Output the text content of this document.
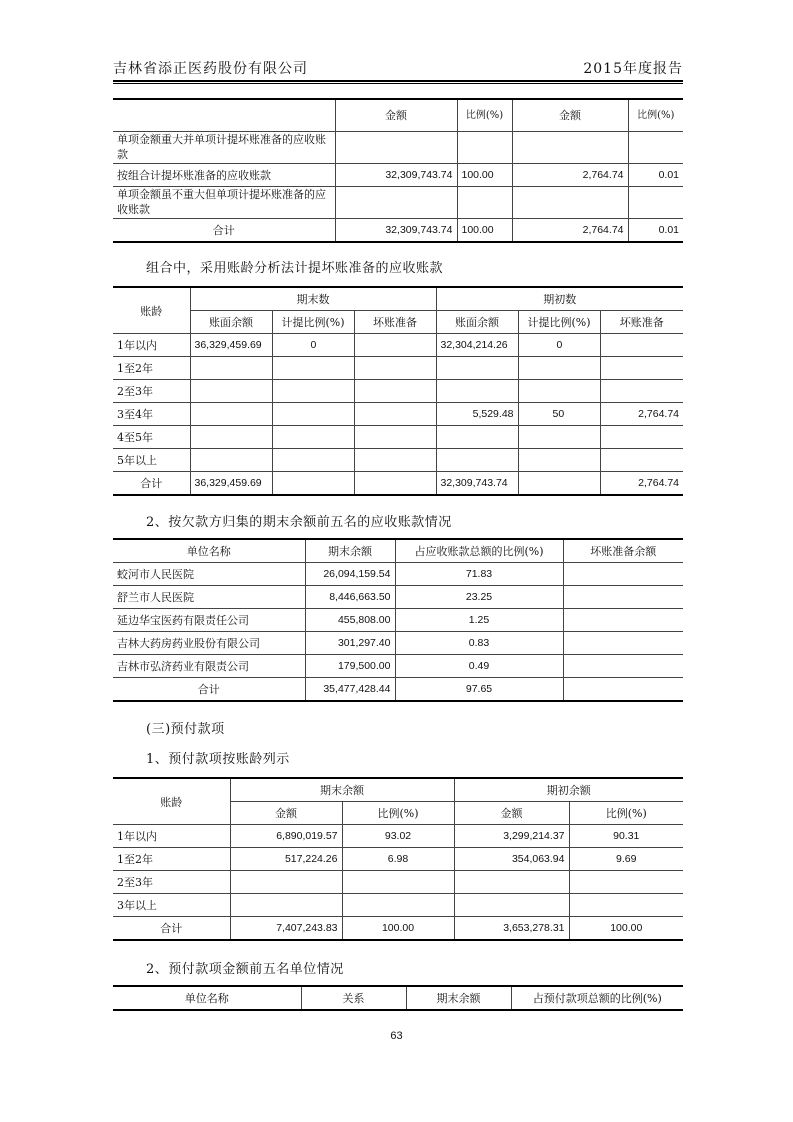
吉林省添正医药股份有限公司	2015年度报告
	金额	比例(%)	金额	比例(%)
单项金额重大并单项计提坏账准备的应收账款				
按组合计提坏账准备的应收账款	32,309,743.74	100.00	2,764.74	0.01
单项金额虽不重大但单项计提坏账准备的应收账款				
合计	32,309,743.74	100.00	2,764.74	0.01
组合中，采用账龄分析法计提坏账准备的应收账款
账龄	期末数			期初数		
	账面余额	计提比例(%)	坏账准备	账面余额	计提比例(%)	坏账准备
1年以内	36,329,459.69	0		32,304,214.26	0	
1至2年						
2至3年						
3至4年				5,529.48	50	2,764.74
4至5年						
5年以上						
合计	36,329,459.69			32,309,743.74		2,764.74
2、按欠款方归集的期末余额前五名的应收账款情况
单位名称	期末余额	占应收账款总额的比例(%)	坏账准备余额
蛟河市人民医院	26,094,159.54	71.83	
舒兰市人民医院	8,446,663.50	23.25	
延边华宝医药有限责任公司	455,808.00	1.25	
吉林大药房药业股份有限公司	301,297.40	0.83	
吉林市弘济药业有限责公司	179,500.00	0.49	
合计	35,477,428.44	97.65	
(三)预付款项
1、预付款项按账龄列示
账龄	期末余额		期初余额	
	金额	比例(%)	金额	比例(%)
1年以内	6,890,019.57	93.02	3,299,214.37	90.31
1至2年	517,224.26	6.98	354,063.94	9.69
2至3年				
3年以上				
合计	7,407,243.83	100.00	3,653,278.31	100.00
2、预付款项金额前五名单位情况
单位名称	关系	期末余额	占预付款项总额的比例(%)
63
